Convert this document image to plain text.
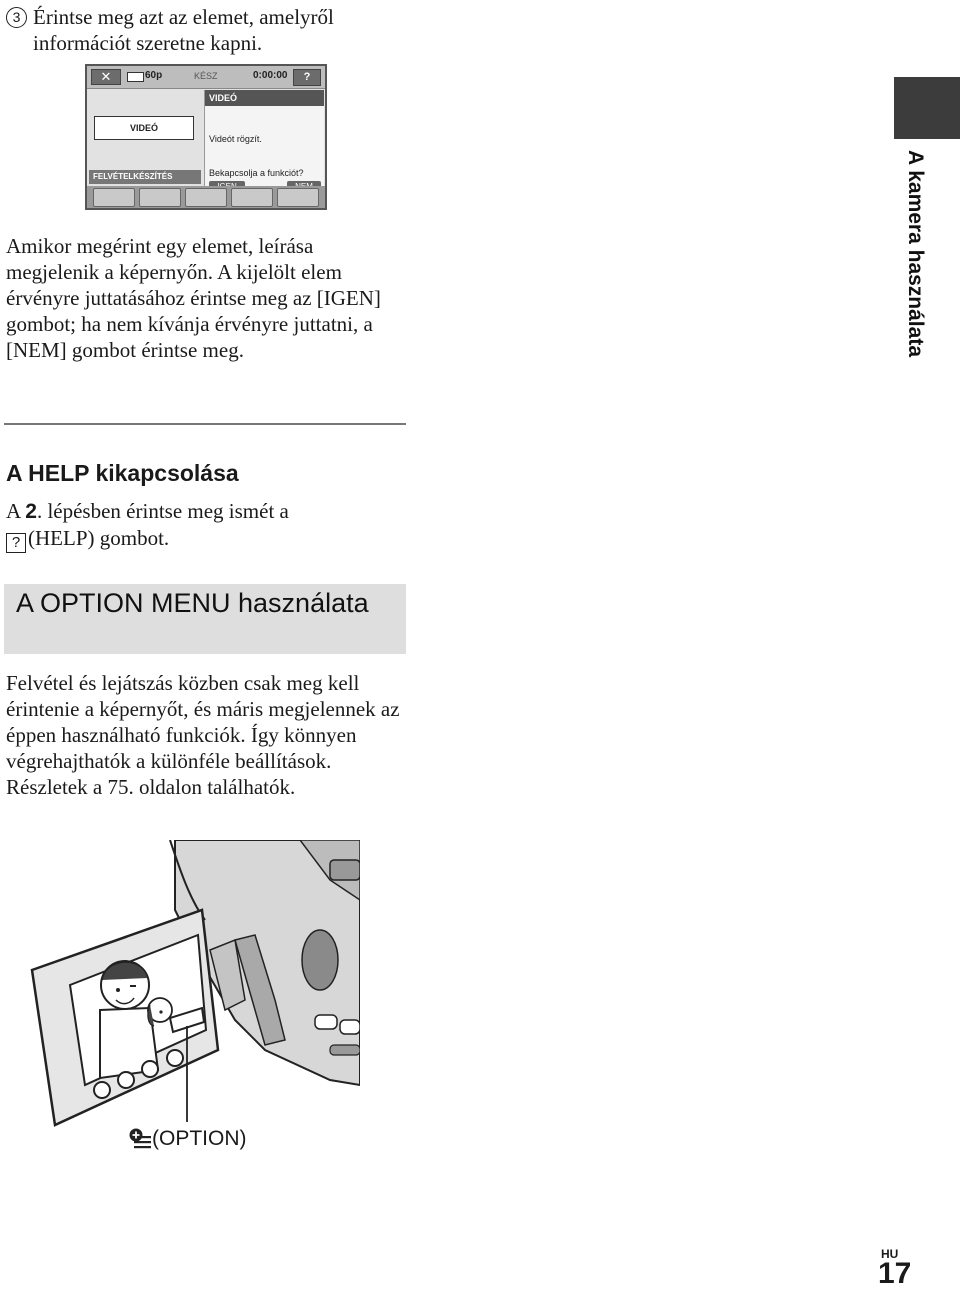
3 Érintse meg azt az elemet, amelyről információt szeretne kapni.
✕	60p	KÉSZ	0:00:00	?
VIDEÓ
FELVÉTELKÉSZÍTÉS
VIDEÓ
Videót rögzít.
Bekapcsolja a funkciót?
Amikor megérint egy elemet, leírása megjelenik a képernyőn. A kijelölt elem érvényre juttatásához érintse meg az [IGEN] gombot; ha nem kívánja érvényre juttatni, a [NEM] gombot érintse meg.
A HELP kikapcsolása
A 2. lépésben érintse meg ismét a
? (HELP) gombot.
A OPTION MENU használata
Felvétel és lejátszás közben csak meg kell érintenie a képernyőt, és máris megjelennek az éppen használható funkciók. Így könnyen végrehajthatók a különféle beállítások. Részletek a 75. oldalon találhatók.
A kamera használata
(OPTION)
HU
17
